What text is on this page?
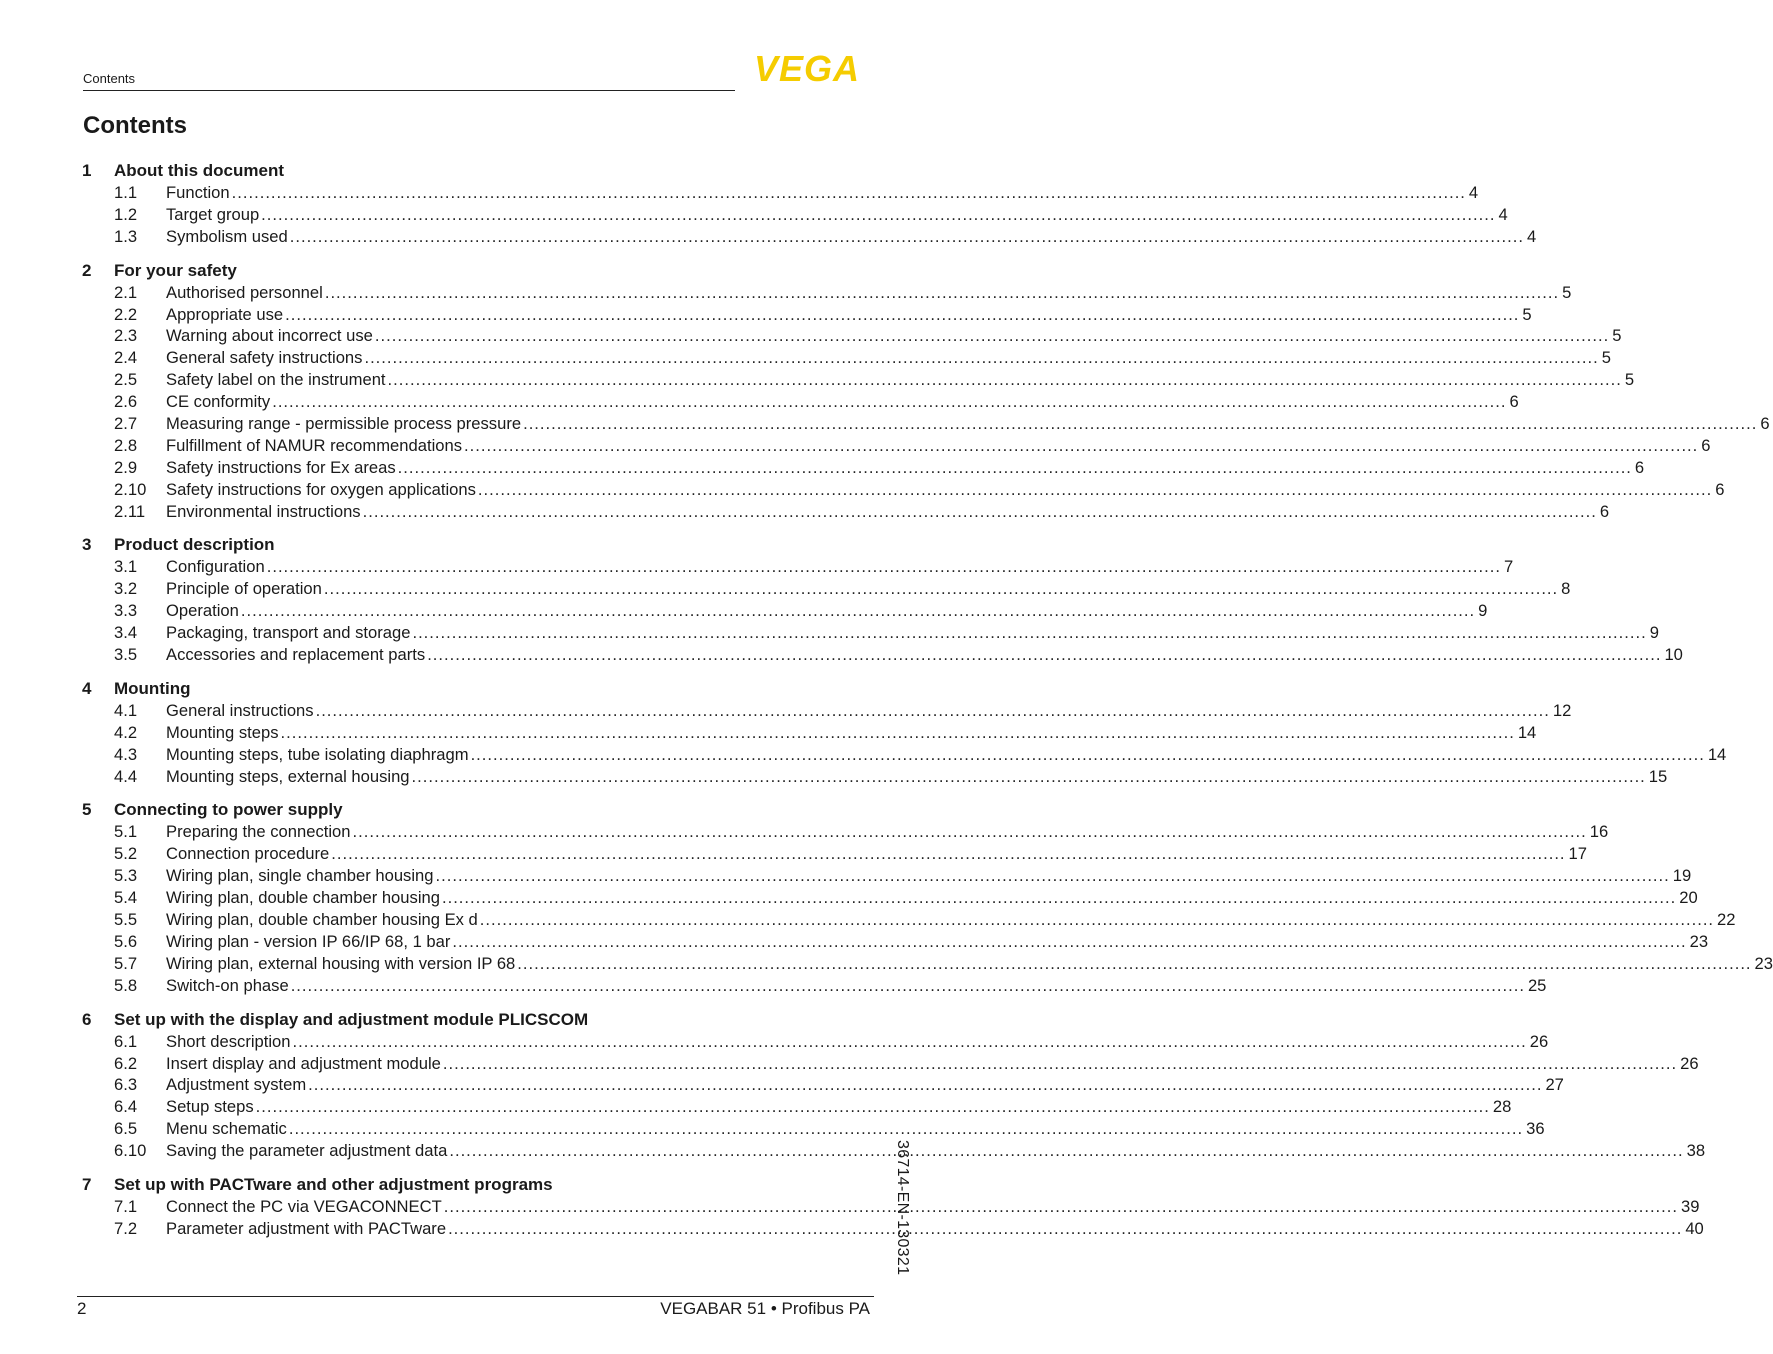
Contents	VEGA
Contents
1	About this document
1.1	Function ............................................................................................................................................................................................................................ 4
1.2	Target group ............................................................................................................................................................................................................................ 4
1.3	Symbolism used ............................................................................................................................................................................................................................ 4
2	For your safety
2.1	Authorised personnel ............................................................................................................................................................................................................................ 5
2.2	Appropriate use ............................................................................................................................................................................................................................ 5
2.3	Warning about incorrect use ............................................................................................................................................................................................................................ 5
2.4	General safety instructions ............................................................................................................................................................................................................................ 5
2.5	Safety label on the instrument ............................................................................................................................................................................................................................ 5
2.6	CE conformity ............................................................................................................................................................................................................................ 6
2.7	Measuring range - permissible process pressure ............................................................................................................................................................................................................................ 6
2.8	Fulfillment of NAMUR recommendations ............................................................................................................................................................................................................................ 6
2.9	Safety instructions for Ex areas ............................................................................................................................................................................................................................ 6
2.10	Safety instructions for oxygen applications ............................................................................................................................................................................................................................ 6
2.11	Environmental instructions ............................................................................................................................................................................................................................ 6
3	Product description
3.1	Configuration ............................................................................................................................................................................................................................ 7
3.2	Principle of operation ............................................................................................................................................................................................................................ 8
3.3	Operation ............................................................................................................................................................................................................................ 9
3.4	Packaging, transport and storage ............................................................................................................................................................................................................................ 9
3.5	Accessories and replacement parts ............................................................................................................................................................................................................................ 10
4	Mounting
4.1	General instructions ............................................................................................................................................................................................................................ 12
4.2	Mounting steps ............................................................................................................................................................................................................................ 14
4.3	Mounting steps, tube isolating diaphragm ............................................................................................................................................................................................................................ 14
4.4	Mounting steps, external housing ............................................................................................................................................................................................................................ 15
5	Connecting to power supply
5.1	Preparing the connection ............................................................................................................................................................................................................................ 16
5.2	Connection procedure ............................................................................................................................................................................................................................ 17
5.3	Wiring plan, single chamber housing ............................................................................................................................................................................................................................ 19
5.4	Wiring plan, double chamber housing ............................................................................................................................................................................................................................ 20
5.5	Wiring plan, double chamber housing Ex d ............................................................................................................................................................................................................................ 22
5.6	Wiring plan - version IP 66/IP 68, 1 bar ............................................................................................................................................................................................................................ 23
5.7	Wiring plan, external housing with version IP 68 ............................................................................................................................................................................................................................ 23
5.8	Switch-on phase ............................................................................................................................................................................................................................ 25
6	Set up with the display and adjustment module PLICSCOM
6.1	Short description ............................................................................................................................................................................................................................ 26
6.2	Insert display and adjustment module ............................................................................................................................................................................................................................ 26
6.3	Adjustment system ............................................................................................................................................................................................................................ 27
6.4	Setup steps ............................................................................................................................................................................................................................ 28
6.5	Menu schematic ............................................................................................................................................................................................................................ 36
6.10	Saving the parameter adjustment data ............................................................................................................................................................................................................................ 38
7	Set up with PACTware and other adjustment programs
7.1	Connect the PC via VEGACONNECT ............................................................................................................................................................................................................................ 39
7.2	Parameter adjustment with PACTware ............................................................................................................................................................................................................................ 40
36714-EN-130321
2	VEGABAR 51 • Profibus PA
